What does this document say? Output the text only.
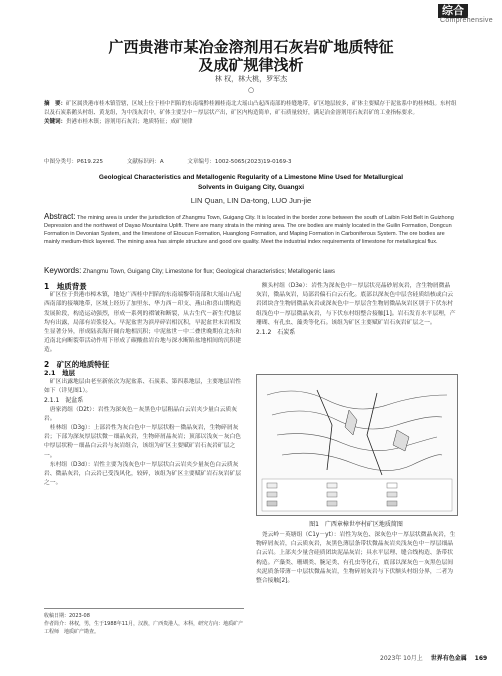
综合
Comprehensive
广西贵港市某冶金溶剂用石灰岩矿地质特征
及成矿规律浅析
林 权，林大桃，罗军杰
○
摘　要：矿区属贵港市桂木镇管辖，区域上位于桂中凹陷的东南端黔桂湘桂南北大瑶山凸起西南部的桂缝地带，矿区地层较多，矿体主要赋存于泥盆系中的桂林组。东村组以及石炭系鹅头村组、黄龙组，为中浅灰岩中，矿体主要呈中－厚层状产出，矿区内构造简单，矿石质量较好，满足冶金溶剂用石灰岩矿的工业指标要求。
关键词：贵港市桂木镇；溶剂用石灰岩；地质特征；成矿规律
中图分类号：P619.225	文献标识码：A	文章编号：1002-5065(2023)19-0169-3
Geological Characteristics and Metallogenic Regularity of a Limestone Mine Used for Metallurgical
Solvents in Guigang City, Guangxi
LIN Quan, LIN Da-tong, LUO Jun-jie
Abstract: The mining area is under the jurisdiction of Zhangmu Town, Guigang City. It is located in the border zone between the south of Laibin Fold Belt in Guizhong Depression and the northwest of Dayao Mountains Uplift. There are many strata in the mining area. The ore bodies are mainly located in the Guilin Formation, Dongcun Formation in Devonian System, and the limestone of Etoucun Formation, Huanglong Formation, and Maping Formation in Carboniferous System. The ore bodies are mainly medium-thick layered. The mining area has simple structure and good ore quality. Meet the industrial index requirements of limestone for metallurgical flux.
Keywords: Zhangmu Town, Guigang City; Limestone for flux; Geological characteristics; Metallogenic laws
1　地质背景

矿区位于贵港市樟木镇，地处广西桂中凹陷的东南端黎带南部和大瑶山凸起西南部的接壤地带，区域上经历了加里东、华力西－印支、燕山和喜山期构造发展阶段，构造运动强烈，形成一系列的褶皱和断裂，从古生代－新生代地层均有出露，局部有岩浆侵入。早泥盆世为滨岸碎岩相沉积，早泥盆世末岩相发生显著分异，形成陆表海开阔台地相沉积；中泥盆世－中二叠世晚期在北东和近南北向断裂带活动作用下形成了碳酸盐岩台地与深水断陷盆地相间的沉积建造。

2　矿区的地质特征
2.1　地层

矿区出露地层由老至新依次为泥盆系、石炭系、第四系地层，主要地层岩性如下（详见图1）。

2.1.1　泥盆系

唐家湾组（D2t）：岩性为深灰色－灰黑色中层粗晶白云岩夹少量白云质灰岩。

桂林组（D3g）：上部岩性为灰白色中－厚层状粉－微晶灰岩，生物碎屑灰岩；下部为深灰厚层状微－细晶灰岩，生物碎屑晶灰岩；顶部以浅灰－灰白色中厚层状粉－细晶白云岩与灰岩组合，该组为矿区主要赋矿岩石灰岩矿层之一。

东村组（D3d）：岩性主要为浅灰色中－厚层状白云岩夹少量灰色白云质灰岩、微晶灰岩，白云岩已受浅风化，较碎，该组为矿区主要赋矿岩石灰岩矿层之一。

额头村组（D3e）：岩性为深灰色中－厚层状亮晶砂屑灰岩，含生物屑微晶灰岩，微晶灰岩，局部岩偏石白云石化。底部以深灰色中层含硅质结核或白云岩团块含生物屑微晶灰岩或深灰色中－厚层含生物屑微晶灰岩区别于下伏东村组浅色中－厚层微晶灰岩，与下伏东村组整合接触[1]。岩石发育水平层理，产珊瑚、有孔虫、藻类等化石。该组为矿区主要赋矿岩石灰岩矿层之一。

2.1.2　石炭系
图1　广西章樟世亭村矿区地质简图

尧云岭－英塘组（C1y－yt）：岩性为灰色、深灰色中－厚层状微晶灰岩，生物碎屑灰岩，白云质灰岩，灰黑色薄层条带状微晶灰岩夹浅灰色中－厚层细晶白云岩。上部夹少量含硅质团块泥晶灰岩；具水平层理、缝合线构造、条带状构造。产藻类、珊瑚类、腕足类、有孔虫等化石，底部以深灰色－灰黑色层间夹泥质条带薄－中层状微晶灰岩，生物碎屑灰岩与下伏额头村组分界，二者为整合接触[2]。

收稿日期：2023-08
作者简介：林权，男，生于1988年11月，汉族，广西贵港人，本科，研究方向：地质矿产工程师　地质矿产勘查。
2023年 10月上 世界有色金属 169
